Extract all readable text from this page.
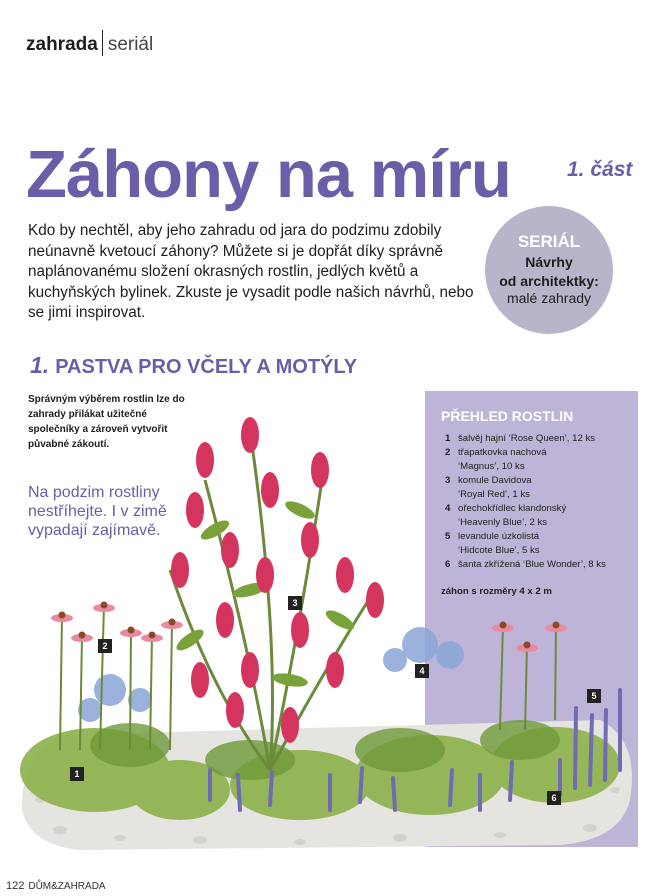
zahrada seriál
Záhony na míru	1. část

Kdo by nechtěl, aby jeho zahradu od jara do podzimu zdobily neúnavně kvetoucí záhony? Můžete si je dopřát díky správně naplánovanému složení okrasných rostlin, jedlých květů a kuchyňských bylinek. Zkuste je vysadit podle našich návrhů, nebo se jimi inspirovat.

SERIÁL
Návrhy
od architektky:
malé zahrady
1. PASTVA PRO VČELY A MOTÝLY

Správným výběrem rostlin lze do zahrady přilákat užitečné společníky a zároveň vytvořit půvabné zákoutí.

Na podzim rostliny nestříhejte. I v zimě vypadají zajímavě.

PŘEHLED ROSTLIN
1 šalvěj hajní ‘Rose Queen’, 12 ks
2 třapatkovka nachová
‘Magnus’, 10 ks
3 komule Davidova
‘Royal Red’, 1 ks
4 ořechokřídlec klandonský
‘Heavenly Blue’, 2 ks
5 levandule úzkolistá
‘Hidcote Blue’, 5 ks
6 šanta zkřížená ‘Blue Wonder’, 8 ks
záhon s rozměry 4 x 2 m
2
3
4
5
1
6
122 DŮM&ZAHRADA
